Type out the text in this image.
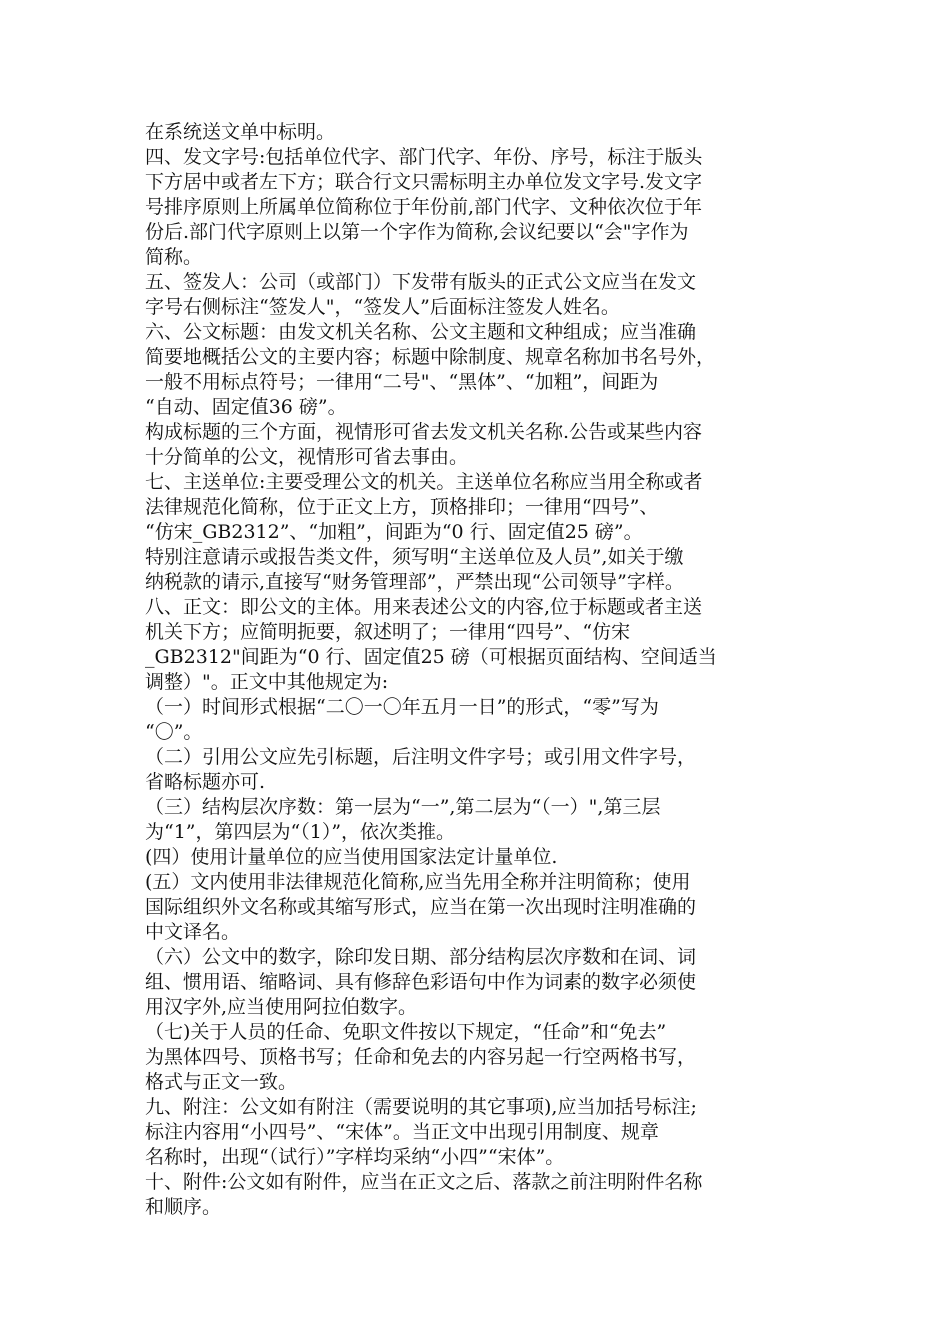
在系统送文单中标明。
四、发文字号:包括单位代字、部门代字、年份、序号，标注于版头
下方居中或者左下方；联合行文只需标明主办单位发文字号.发文字
号排序原则上所属单位简称位于年份前,部门代字、文种依次位于年
份后.部门代字原则上以第一个字作为简称,会议纪要以“会"字作为
简称。
五、签发人：公司（或部门）下发带有版头的正式公文应当在发文
字号右侧标注“签发人"，“签发人”后面标注签发人姓名。
六、公文标题：由发文机关名称、公文主题和文种组成；应当准确
简要地概括公文的主要内容；标题中除制度、规章名称加书名号外，
一般不用标点符号；一律用“二号"、“黑体”、“加粗”，间距为
“自动、固定值36 磅”。
构成标题的三个方面，视情形可省去发文机关名称.公告或某些内容
十分简单的公文，视情形可省去事由。
七、主送单位:主要受理公文的机关。主送单位名称应当用全称或者
法律规范化简称，位于正文上方，顶格排印；一律用“四号”、
“仿宋_GB2312”、“加粗”，间距为“0 行、固定值25 磅”。
特别注意请示或报告类文件，须写明“主送单位及人员”,如关于缴
纳税款的请示,直接写“财务管理部”，严禁出现“公司领导”字样。
八、正文：即公文的主体。用来表述公文的内容,位于标题或者主送
机关下方；应简明扼要，叙述明了；一律用“四号”、“仿宋
_GB2312"间距为“0 行、固定值25 磅（可根据页面结构、空间适当
调整）"。正文中其他规定为:
（一）时间形式根据“二〇一〇年五月一日”的形式，“零”写为
“〇”。
（二）引用公文应先引标题，后注明文件字号；或引用文件字号，
省略标题亦可.
（三）结构层次序数：第一层为“一”,第二层为“（一）",第三层
为“1”，第四层为“（1）”，依次类推。
(四）使用计量单位的应当使用国家法定计量单位.
(五）文内使用非法律规范化简称,应当先用全称并注明简称；使用
国际组织外文名称或其缩写形式，应当在第一次出现时注明准确的
中文译名。
（六）公文中的数字，除印发日期、部分结构层次序数和在词、词
组、惯用语、缩略词、具有修辞色彩语句中作为词素的数字必须使
用汉字外,应当使用阿拉伯数字。
（七)关于人员的任命、免职文件按以下规定，“任命”和“免去”
为黑体四号、顶格书写；任命和免去的内容另起一行空两格书写，
格式与正文一致。
九、附注：公文如有附注（需要说明的其它事项),应当加括号标注;
标注内容用“小四号”、“宋体”。当正文中出现引用制度、规章
名称时，出现“（试行）”字样均采纳“小四”“宋体”。
十、附件:公文如有附件，应当在正文之后、落款之前注明附件名称
和顺序。
